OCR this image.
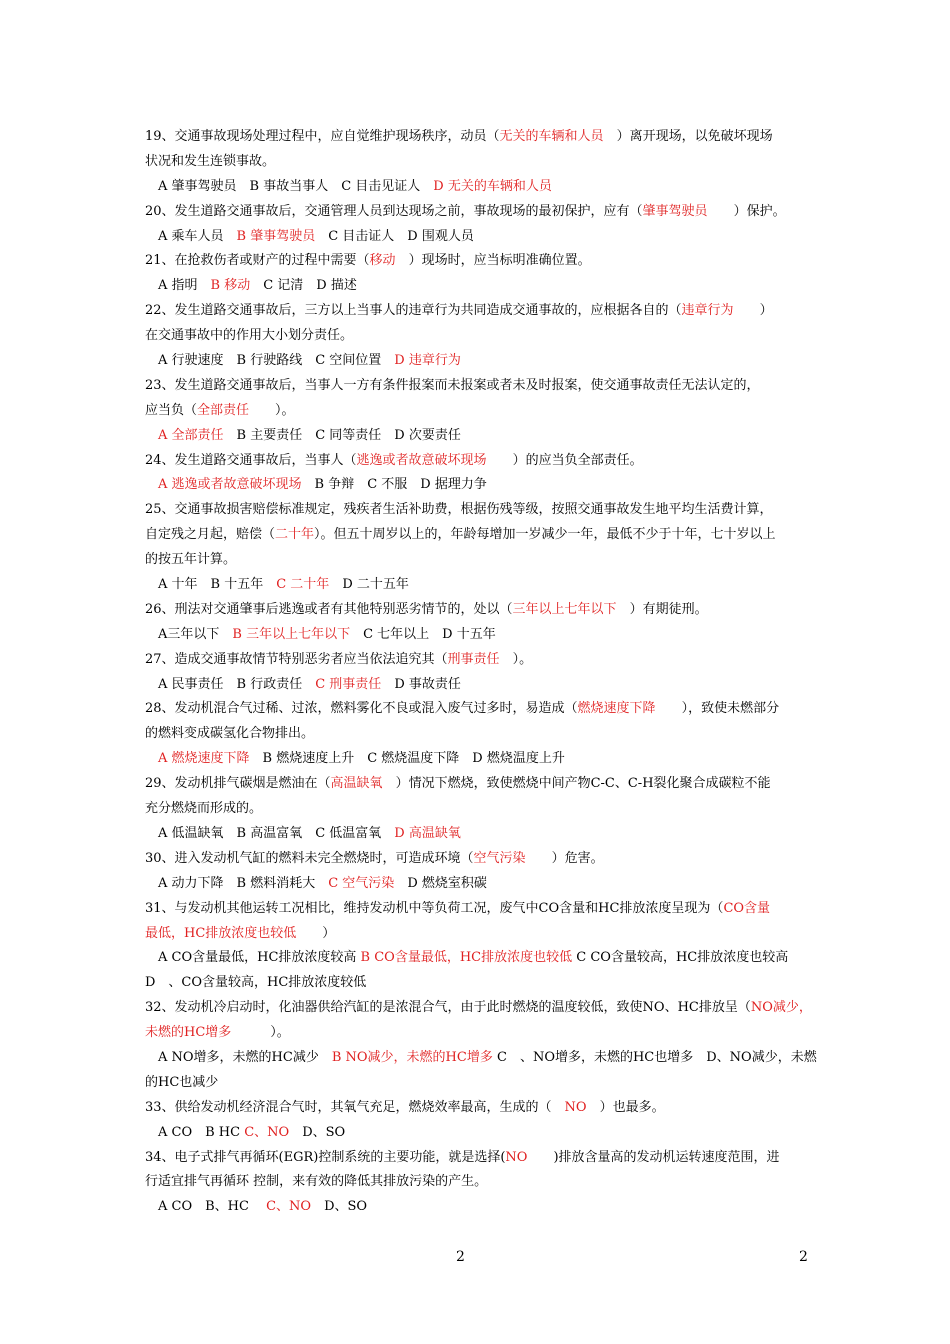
19、交通事故现场处理过程中，应自觉维护现场秩序，动员（无关的车辆和人员　）离开现场，以免破坏现场
状况和发生连锁事故。
　A 肇事驾驶员　B 事故当事人　C 目击见证人　D 无关的车辆和人员
20、发生道路交通事故后，交通管理人员到达现场之前，事故现场的最初保护，应有（肇事驾驶员　　）保护。
　A 乘车人员　B 肇事驾驶员　C 目击证人　D 围观人员
21、在抢救伤者或财产的过程中需要（移动　）现场时，应当标明准确位置。
　A 指明　B 移动　C 记清　D 描述
22、发生道路交通事故后，三方以上当事人的违章行为共同造成交通事故的，应根据各自的（违章行为　　）
在交通事故中的作用大小划分责任。
　A 行驶速度　B 行驶路线　C 空间位置　D 违章行为
23、发生道路交通事故后，当事人一方有条件报案而未报案或者未及时报案，使交通事故责任无法认定的，
应当负（全部责任　　）。
　A 全部责任　B 主要责任　C 同等责任　D 次要责任
24、发生道路交通事故后，当事人（逃逸或者故意破坏现场　　）的应当负全部责任。
　A 逃逸或者故意破坏现场　B 争辩　C 不服　D 据理力争
25、交通事故损害赔偿标准规定，残疾者生活补助费，根据伤残等级，按照交通事故发生地平均生活费计算，
自定残之月起，赔偿（二十年）。但五十周岁以上的，年龄每增加一岁减少一年，最低不少于十年，七十岁以上
的按五年计算。
　A 十年　B 十五年　C 二十年　D 二十五年
26、刑法对交通肇事后逃逸或者有其他特别恶劣情节的，处以（三年以上七年以下　）有期徒刑。
　A三年以下　B 三年以上七年以下　C 七年以上　D 十五年
27、造成交通事故情节特别恶劣者应当依法追究其（刑事责任　）。
　A 民事责任　B 行政责任　C 刑事责任　D 事故责任
28、发动机混合气过稀、过浓，燃料雾化不良或混入废气过多时，易造成（燃烧速度下降　　），致使未燃部分
的燃料变成碳氢化合物排出。
　A 燃烧速度下降　B 燃烧速度上升　C 燃烧温度下降　D 燃烧温度上升
29、发动机排气碳烟是燃油在（高温缺氧　）情况下燃烧，致使燃烧中间产物C-C、C-H裂化聚合成碳粒不能
充分燃烧而形成的。
　A 低温缺氧　B 高温富氧　C 低温富氧　D 高温缺氧
30、进入发动机气缸的燃料未完全燃烧时，可造成环境（空气污染　　）危害。
　A 动力下降　B 燃料消耗大　C 空气污染　D 燃烧室积碳
31、与发动机其他运转工况相比，维持发动机中等负荷工况，废气中CO含量和HC排放浓度呈现为（CO含量
最低，HC排放浓度也较低　　）
　A CO含量最低，HC排放浓度较高 B CO含量最低，HC排放浓度也较低 C CO含量较高，HC排放浓度也较高
D　、CO含量较高，HC排放浓度较低
32、发动机冷启动时，化油器供给汽缸的是浓混合气，由于此时燃烧的温度较低，致使NO、HC排放呈（NO减少，
未燃的HC增多　　　）。
　A NO增多，未燃的HC减少　B NO减少，未燃的HC增多 C　、NO增多，未燃的HC也增多　D、NO减少，未燃
的HC也减少
33、供给发动机经济混合气时，其氧气充足，燃烧效率最高，生成的（　NO　）也最多。
　A CO　B HC C、NO　D、SO
34、电子式排气再循环(EGR)控制系统的主要功能，就是选择(NO　　)排放含量高的发动机运转速度范围，进
行适宜排气再循环 控制，来有效的降低其排放污染的产生。
　A CO　B、HC　 C、NO　D、SO
2	2
